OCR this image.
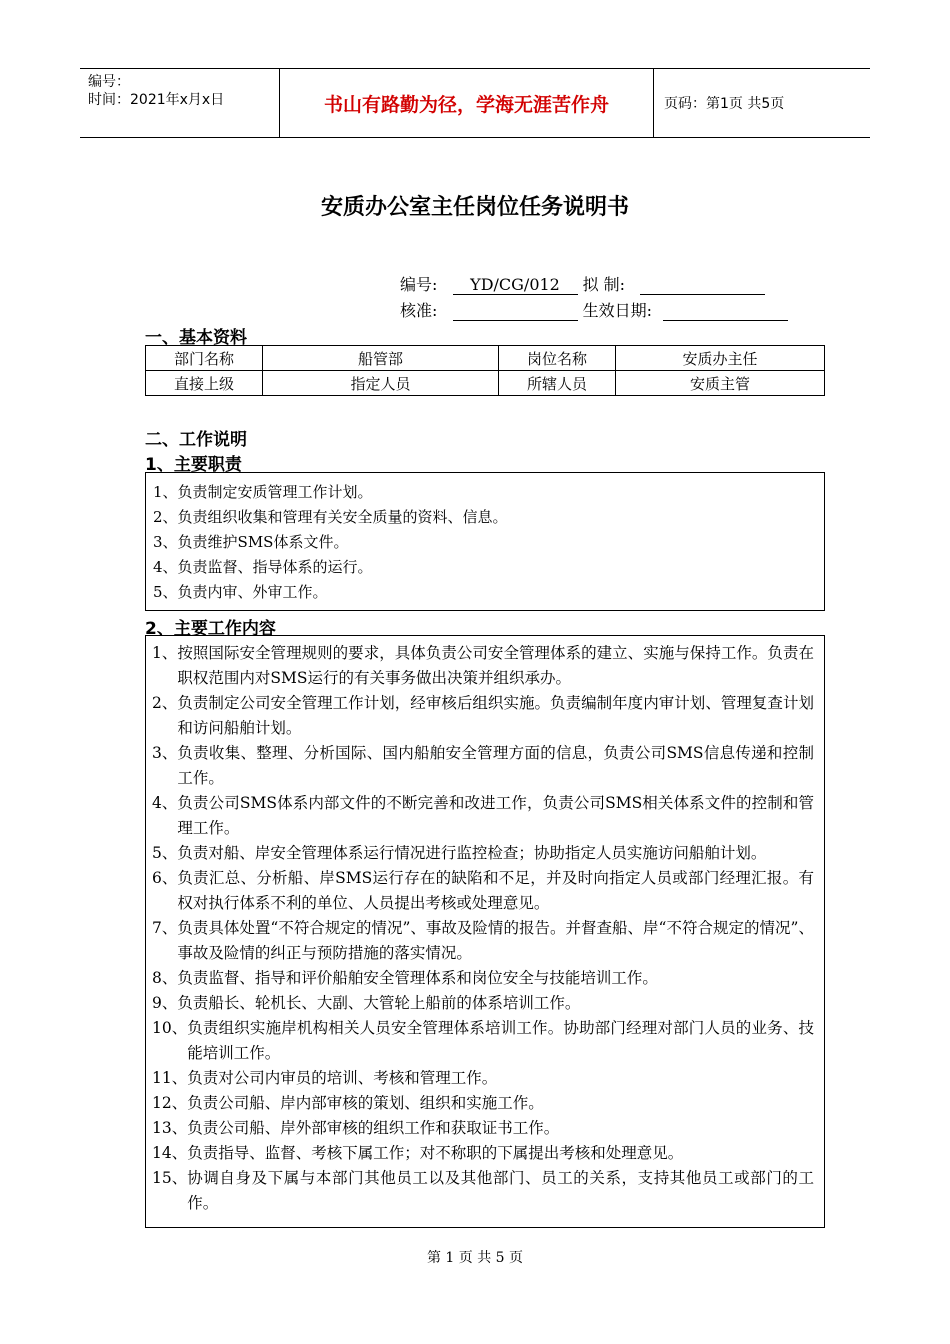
编号：
时间：2021年x月x日	书山有路勤为径，学海无涯苦作舟	页码：第1页 共5页
安质办公室主任岗位任务说明书
编号: YD/CG/012 拟 制:
核准:	生效日期:
一、基本资料
部门名称	船管部	岗位名称	安质办主任
直接上级	指定人员	所辖人员	安质主管
二、工作说明
1、主要职责
1、负责制定安质管理工作计划。
2、负责组织收集和管理有关安全质量的资料、信息。
3、负责维护SMS体系文件。
4、负责监督、指导体系的运行。
5、负责内审、外审工作。
2、主要工作内容
1、 按照国际安全管理规则的要求，具体负责公司安全管理体系的建立、实施与保持工作。负责在职权范围内对SMS运行的有关事务做出决策并组织承办。
2、 负责制定公司安全管理工作计划，经审核后组织实施。负责编制年度内审计划、管理复查计划和访问船舶计划。
3、 负责收集、整理、分析国际、国内船舶安全管理方面的信息，负责公司SMS信息传递和控制工作。
4、 负责公司SMS体系内部文件的不断完善和改进工作，负责公司SMS相关体系文件的控制和管理工作。
5、 负责对船、岸安全管理体系运行情况进行监控检查；协助指定人员实施访问船舶计划。
6、 负责汇总、分析船、岸SMS运行存在的缺陷和不足，并及时向指定人员或部门经理汇报。有权对执行体系不利的单位、人员提出考核或处理意见。
7、 负责具体处置“不符合规定的情况”、事故及险情的报告。并督查船、岸“不符合规定的情况”、事故及险情的纠正与预防措施的落实情况。
8、 负责监督、指导和评价船舶安全管理体系和岗位安全与技能培训工作。
9、 负责船长、轮机长、大副、大管轮上船前的体系培训工作。
10、 负责组织实施岸机构相关人员安全管理体系培训工作。协助部门经理对部门人员的业务、技能培训工作。
11、 负责对公司内审员的培训、考核和管理工作。
12、 负责公司船、岸内部审核的策划、组织和实施工作。
13、 负责公司船、岸外部审核的组织工作和获取证书工作。
14、 负责指导、监督、考核下属工作；对不称职的下属提出考核和处理意见。
15、 协调自身及下属与本部门其他员工以及其他部门、员工的关系，支持其他员工或部门的工作。
第 1 页 共 5 页
